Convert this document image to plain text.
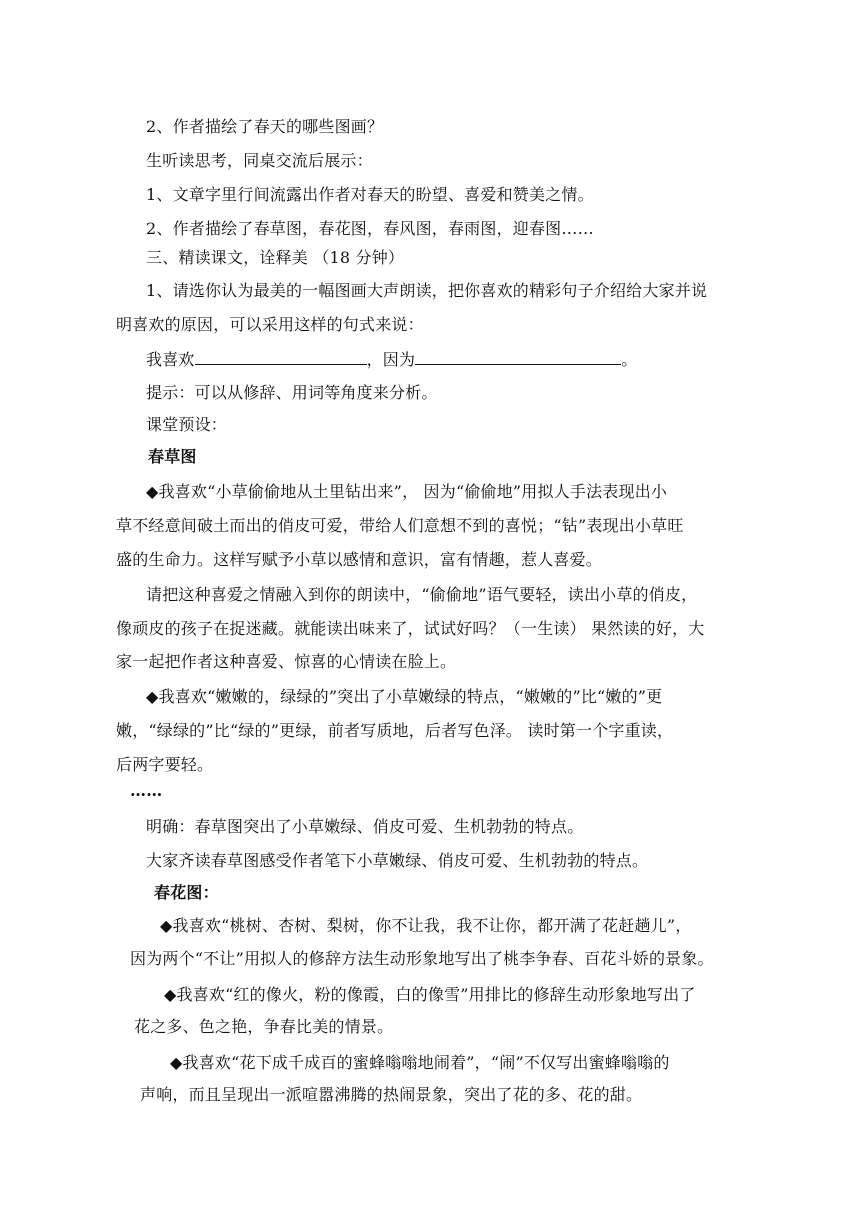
2、作者描绘了春天的哪些图画？
生听读思考，同桌交流后展示：
1、文章字里行间流露出作者对春天的盼望、喜爱和赞美之情。
2、作者描绘了春草图，春花图，春风图，春雨图，迎春图……
三、精读课文，诠释美 （18 分钟）
1、请选你认为最美的一幅图画大声朗读，把你喜欢的精彩句子介绍给大家并说
明喜欢的原因，可以采用这样的句式来说：
我喜欢	，因为	。
提示：可以从修辞、用词等角度来分析。
课堂预设：
春草图
◆我喜欢“小草偷偷地从土里钻出来”， 因为“偷偷地”用拟人手法表现出小
草不经意间破土而出的俏皮可爱，带给人们意想不到的喜悦；“钻”表现出小草旺
盛的生命力。这样写赋予小草以感情和意识，富有情趣，惹人喜爱。
请把这种喜爱之情融入到你的朗读中，“偷偷地”语气要轻，读出小草的俏皮，
像顽皮的孩子在捉迷藏。就能读出味来了，试试好吗？（一生读） 果然读的好，大
家一起把作者这种喜爱、惊喜的心情读在脸上。
◆我喜欢“嫩嫩的，绿绿的”突出了小草嫩绿的特点，“嫩嫩的”比“嫩的”更
嫩，“绿绿的”比“绿的”更绿，前者写质地，后者写色泽。 读时第一个字重读，
后两字要轻。
……
明确：春草图突出了小草嫩绿、俏皮可爱、生机勃勃的特点。
大家齐读春草图感受作者笔下小草嫩绿、俏皮可爱、生机勃勃的特点。
春花图：
◆我喜欢“桃树、杏树、梨树，你不让我，我不让你，都开满了花赶趟儿”，
因为两个“不让”用拟人的修辞方法生动形象地写出了桃李争春、百花斗娇的景象。
◆我喜欢“红的像火，粉的像霞，白的像雪”用排比的修辞生动形象地写出了
花之多、色之艳，争春比美的情景。
◆我喜欢“花下成千成百的蜜蜂嗡嗡地闹着”，“闹”不仅写出蜜蜂嗡嗡的
声响，而且呈现出一派喧嚣沸腾的热闹景象，突出了花的多、花的甜。
